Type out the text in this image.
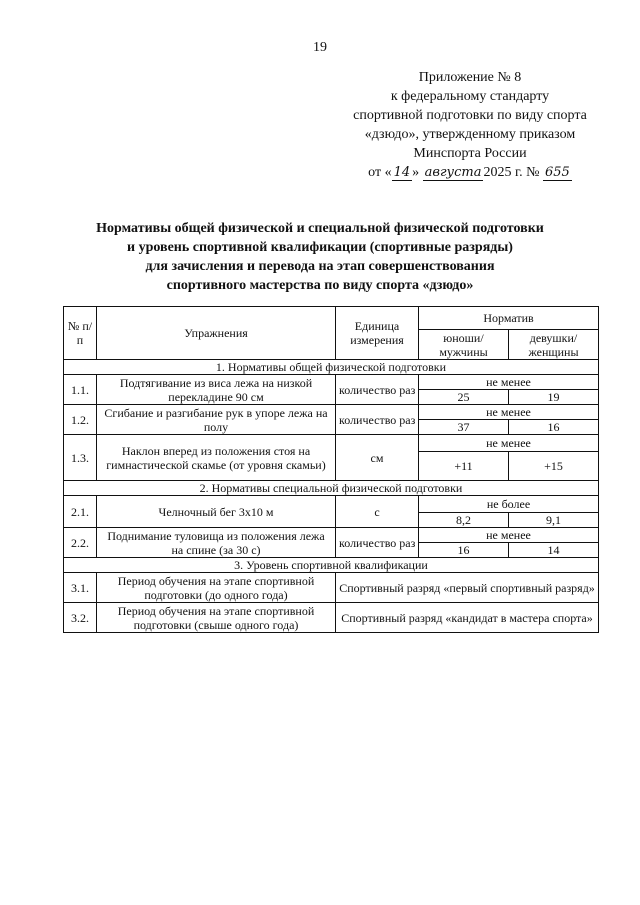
19
Приложение № 8
к федеральному стандарту
спортивной подготовки по виду спорта
«дзюдо», утвержденному приказом
Минспорта России
от « 14 » августа 2025 г. № 655
Нормативы общей физической и специальной физической подготовки
и уровень спортивной квалификации (спортивные разряды)
для зачисления и перевода на этап совершенствования
спортивного мастерства по виду спорта «дзюдо»
№ п/п	Упражнения	Единица измерения	Норматив	
			юноши/ мужчины	девушки/ женщины
1. Нормативы общей физической подготовки				
1.1.	Подтягивание из виса лежа на низкой перекладине 90 см	количество раз	не менее	
			25	19
1.2.	Сгибание и разгибание рук в упоре лежа на полу	количество раз	не менее	
			37	16
1.3.	Наклон вперед из положения стоя на гимнастической скамье (от уровня скамьи)	см	не менее	
			+11	+15
2. Нормативы специальной физической подготовки				
2.1.	Челночный бег 3х10 м	с	не более	
			8,2	9,1
2.2.	Поднимание туловища из положения лежа на спине (за 30 с)	количество раз	не менее	
			16	14
3. Уровень спортивной квалификации				
3.1.	Период обучения на этапе спортивной подготовки (до одного года)	Спортивный разряд «первый спортивный разряд»		
3.2.	Период обучения на этапе спортивной подготовки (свыше одного года)	Спортивный разряд «кандидат в мастера спорта»		
